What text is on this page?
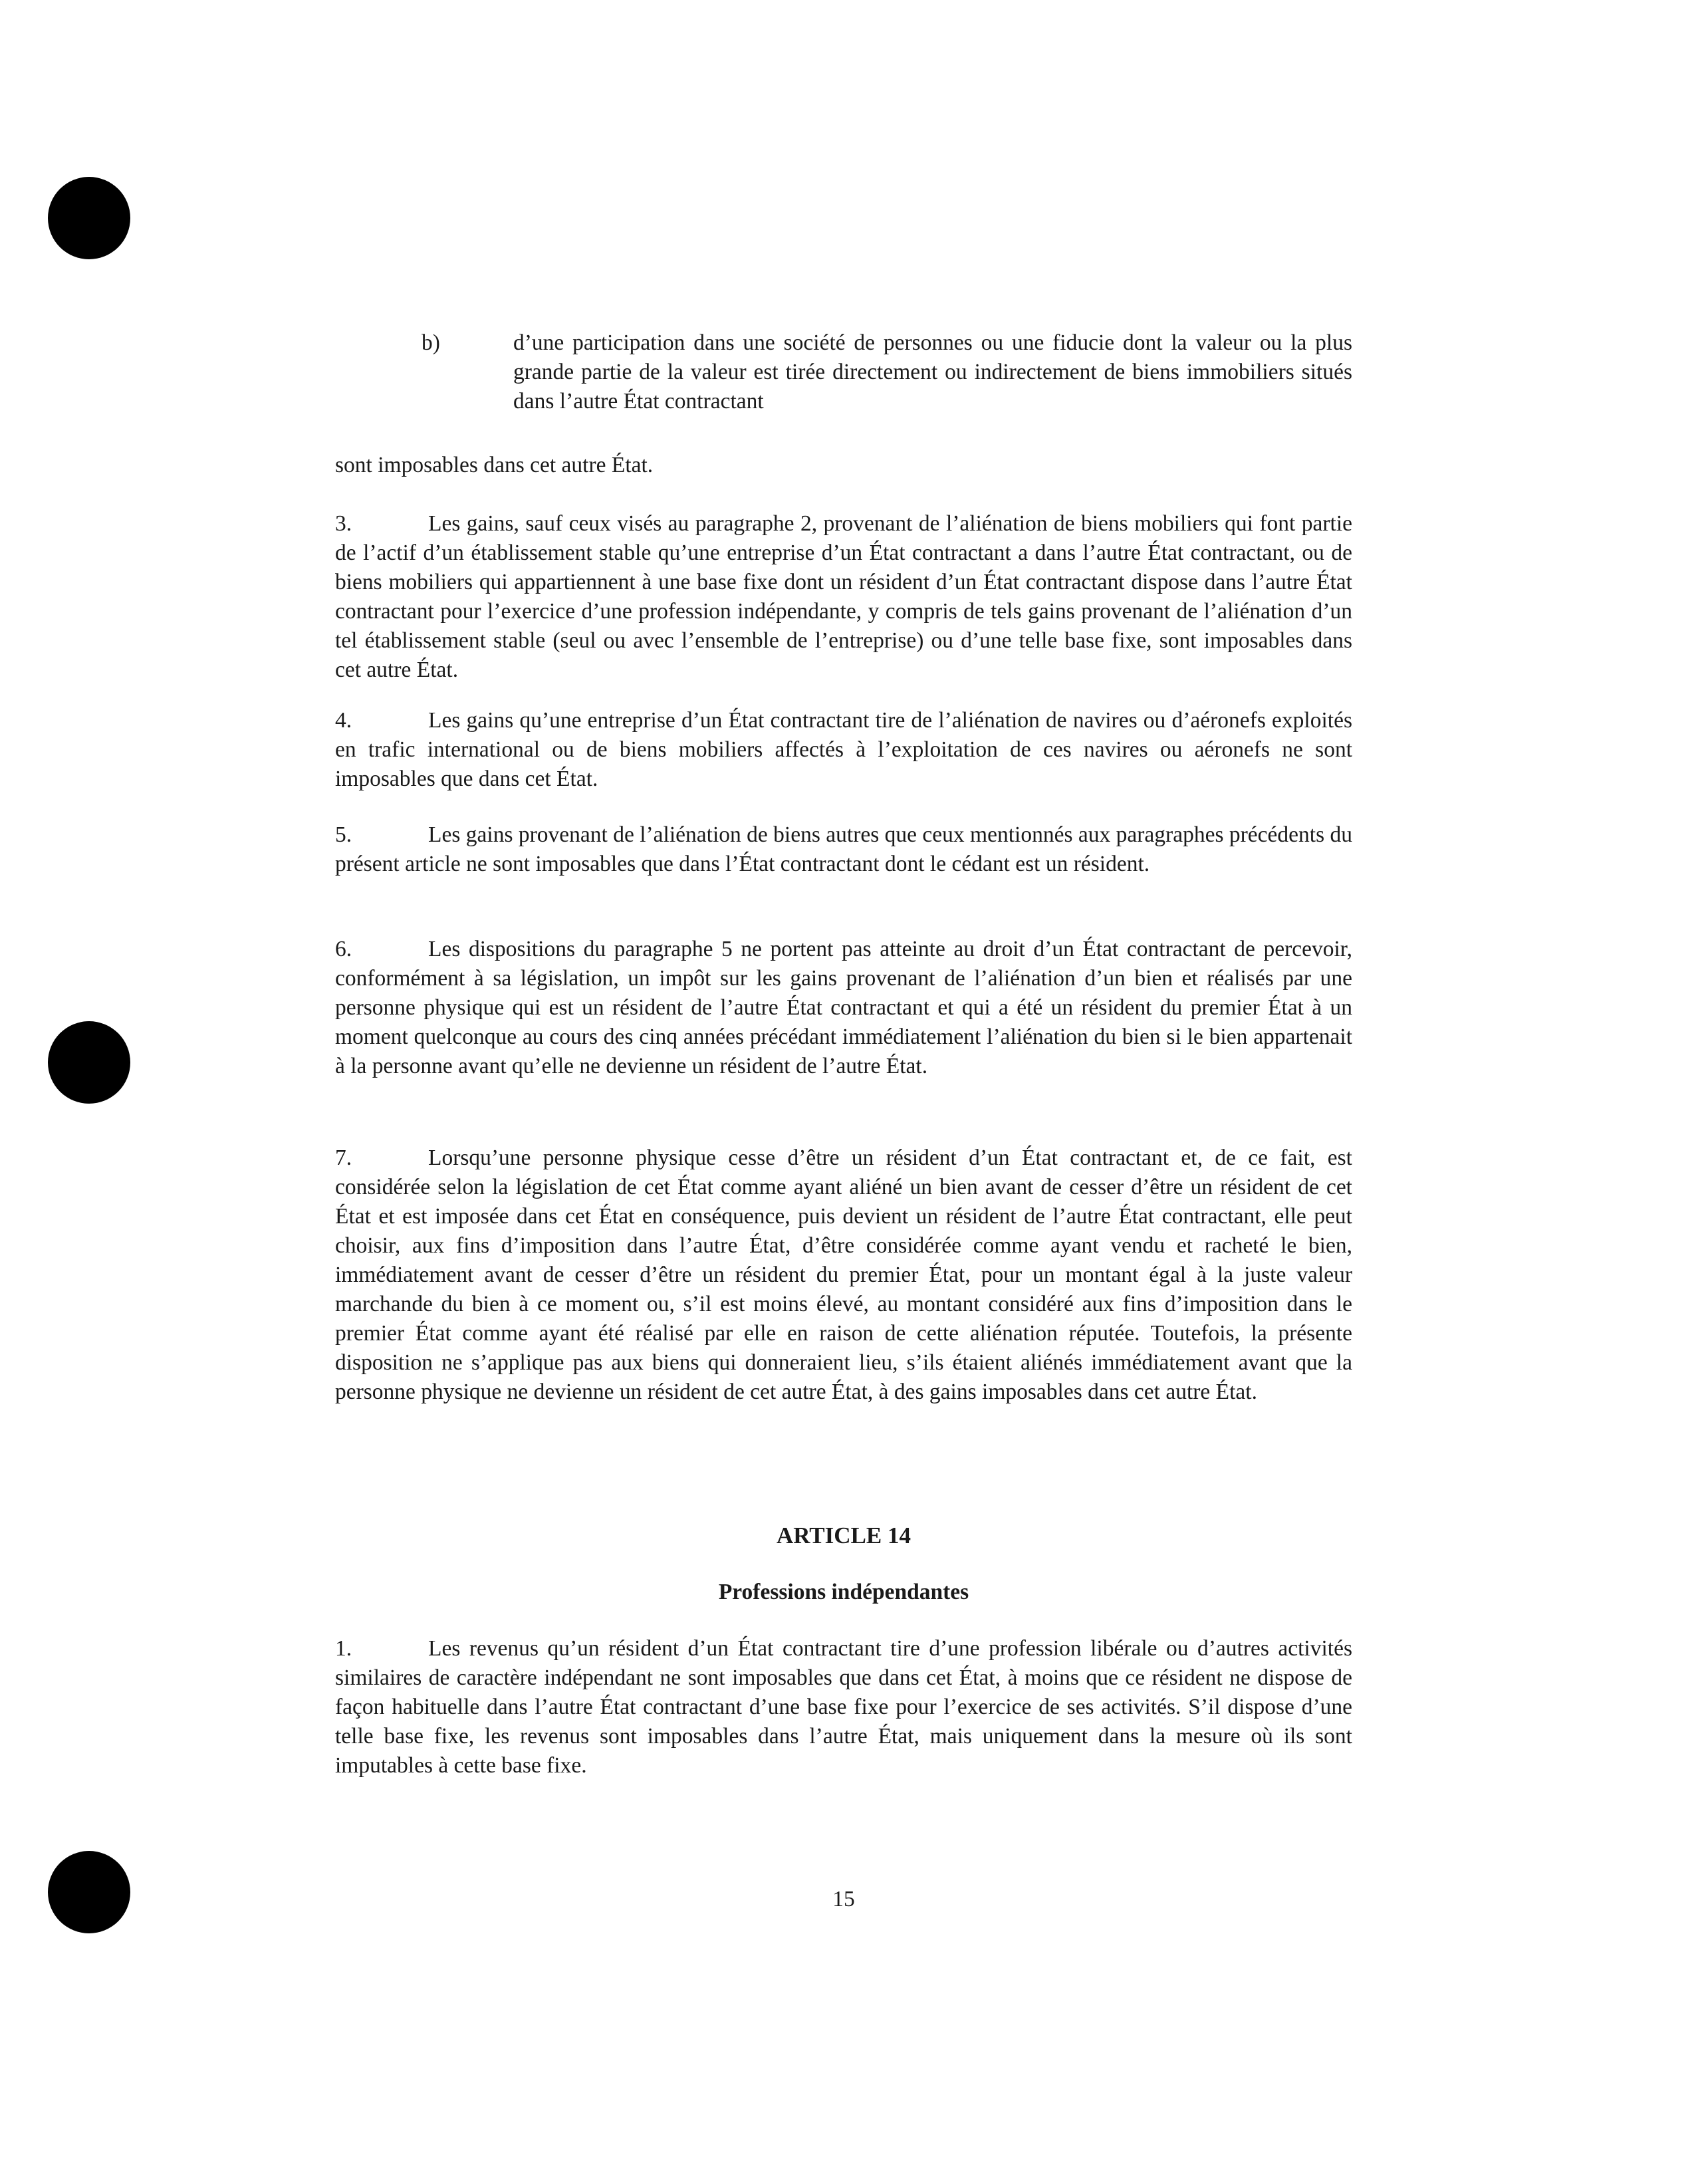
b)	d’une participation dans une société de personnes ou une fiducie dont la valeur ou la plus grande partie de la valeur est tirée directement ou indirectement de biens immobiliers situés dans l’autre État contractant

sont imposables dans cet autre État.

3.	Les gains, sauf ceux visés au paragraphe 2, provenant de l’aliénation de biens mobiliers qui font partie de l’actif d’un établissement stable qu’une entreprise d’un État contractant a dans l’autre État contractant, ou de biens mobiliers qui appartiennent à une base fixe dont un résident d’un État contractant dispose dans l’autre État contractant pour l’exercice d’une profession indépendante, y compris de tels gains provenant de l’aliénation d’un tel établissement stable (seul ou avec l’ensemble de l’entreprise) ou d’une telle base fixe, sont imposables dans cet autre État.

4.	Les gains qu’une entreprise d’un État contractant tire de l’aliénation de navires ou d’aéronefs exploités en trafic international ou de biens mobiliers affectés à l’exploitation de ces navires ou aéronefs ne sont imposables que dans cet État.

5.	Les gains provenant de l’aliénation de biens autres que ceux mentionnés aux paragraphes précédents du présent article ne sont imposables que dans l’État contractant dont le cédant est un résident.

6.	Les dispositions du paragraphe 5 ne portent pas atteinte au droit d’un État contractant de percevoir, conformément à sa législation, un impôt sur les gains provenant de l’aliénation d’un bien et réalisés par une personne physique qui est un résident de l’autre État contractant et qui a été un résident du premier État à un moment quelconque au cours des cinq années précédant immédiatement l’aliénation du bien si le bien appartenait à la personne avant qu’elle ne devienne un résident de l’autre État.

7.	Lorsqu’une personne physique cesse d’être un résident d’un État contractant et, de ce fait, est considérée selon la législation de cet État comme ayant aliéné un bien avant de cesser d’être un résident de cet État et est imposée dans cet État en conséquence, puis devient un résident de l’autre État contractant, elle peut choisir, aux fins d’imposition dans l’autre État, d’être considérée comme ayant vendu et racheté le bien, immédiatement avant de cesser d’être un résident du premier État, pour un montant égal à la juste valeur marchande du bien à ce moment ou, s’il est moins élevé, au montant considéré aux fins d’imposition dans le premier État comme ayant été réalisé par elle en raison de cette aliénation réputée. Toutefois, la présente disposition ne s’applique pas aux biens qui donneraient lieu, s’ils étaient aliénés immédiatement avant que la personne physique ne devienne un résident de cet autre État, à des gains imposables dans cet autre État.

ARTICLE 14
Professions indépendantes

1.	Les revenus qu’un résident d’un État contractant tire d’une profession libérale ou d’autres activités similaires de caractère indépendant ne sont imposables que dans cet État, à moins que ce résident ne dispose de façon habituelle dans l’autre État contractant d’une base fixe pour l’exercice de ses activités. S’il dispose d’une telle base fixe, les revenus sont imposables dans l’autre État, mais uniquement dans la mesure où ils sont imputables à cette base fixe.

15
